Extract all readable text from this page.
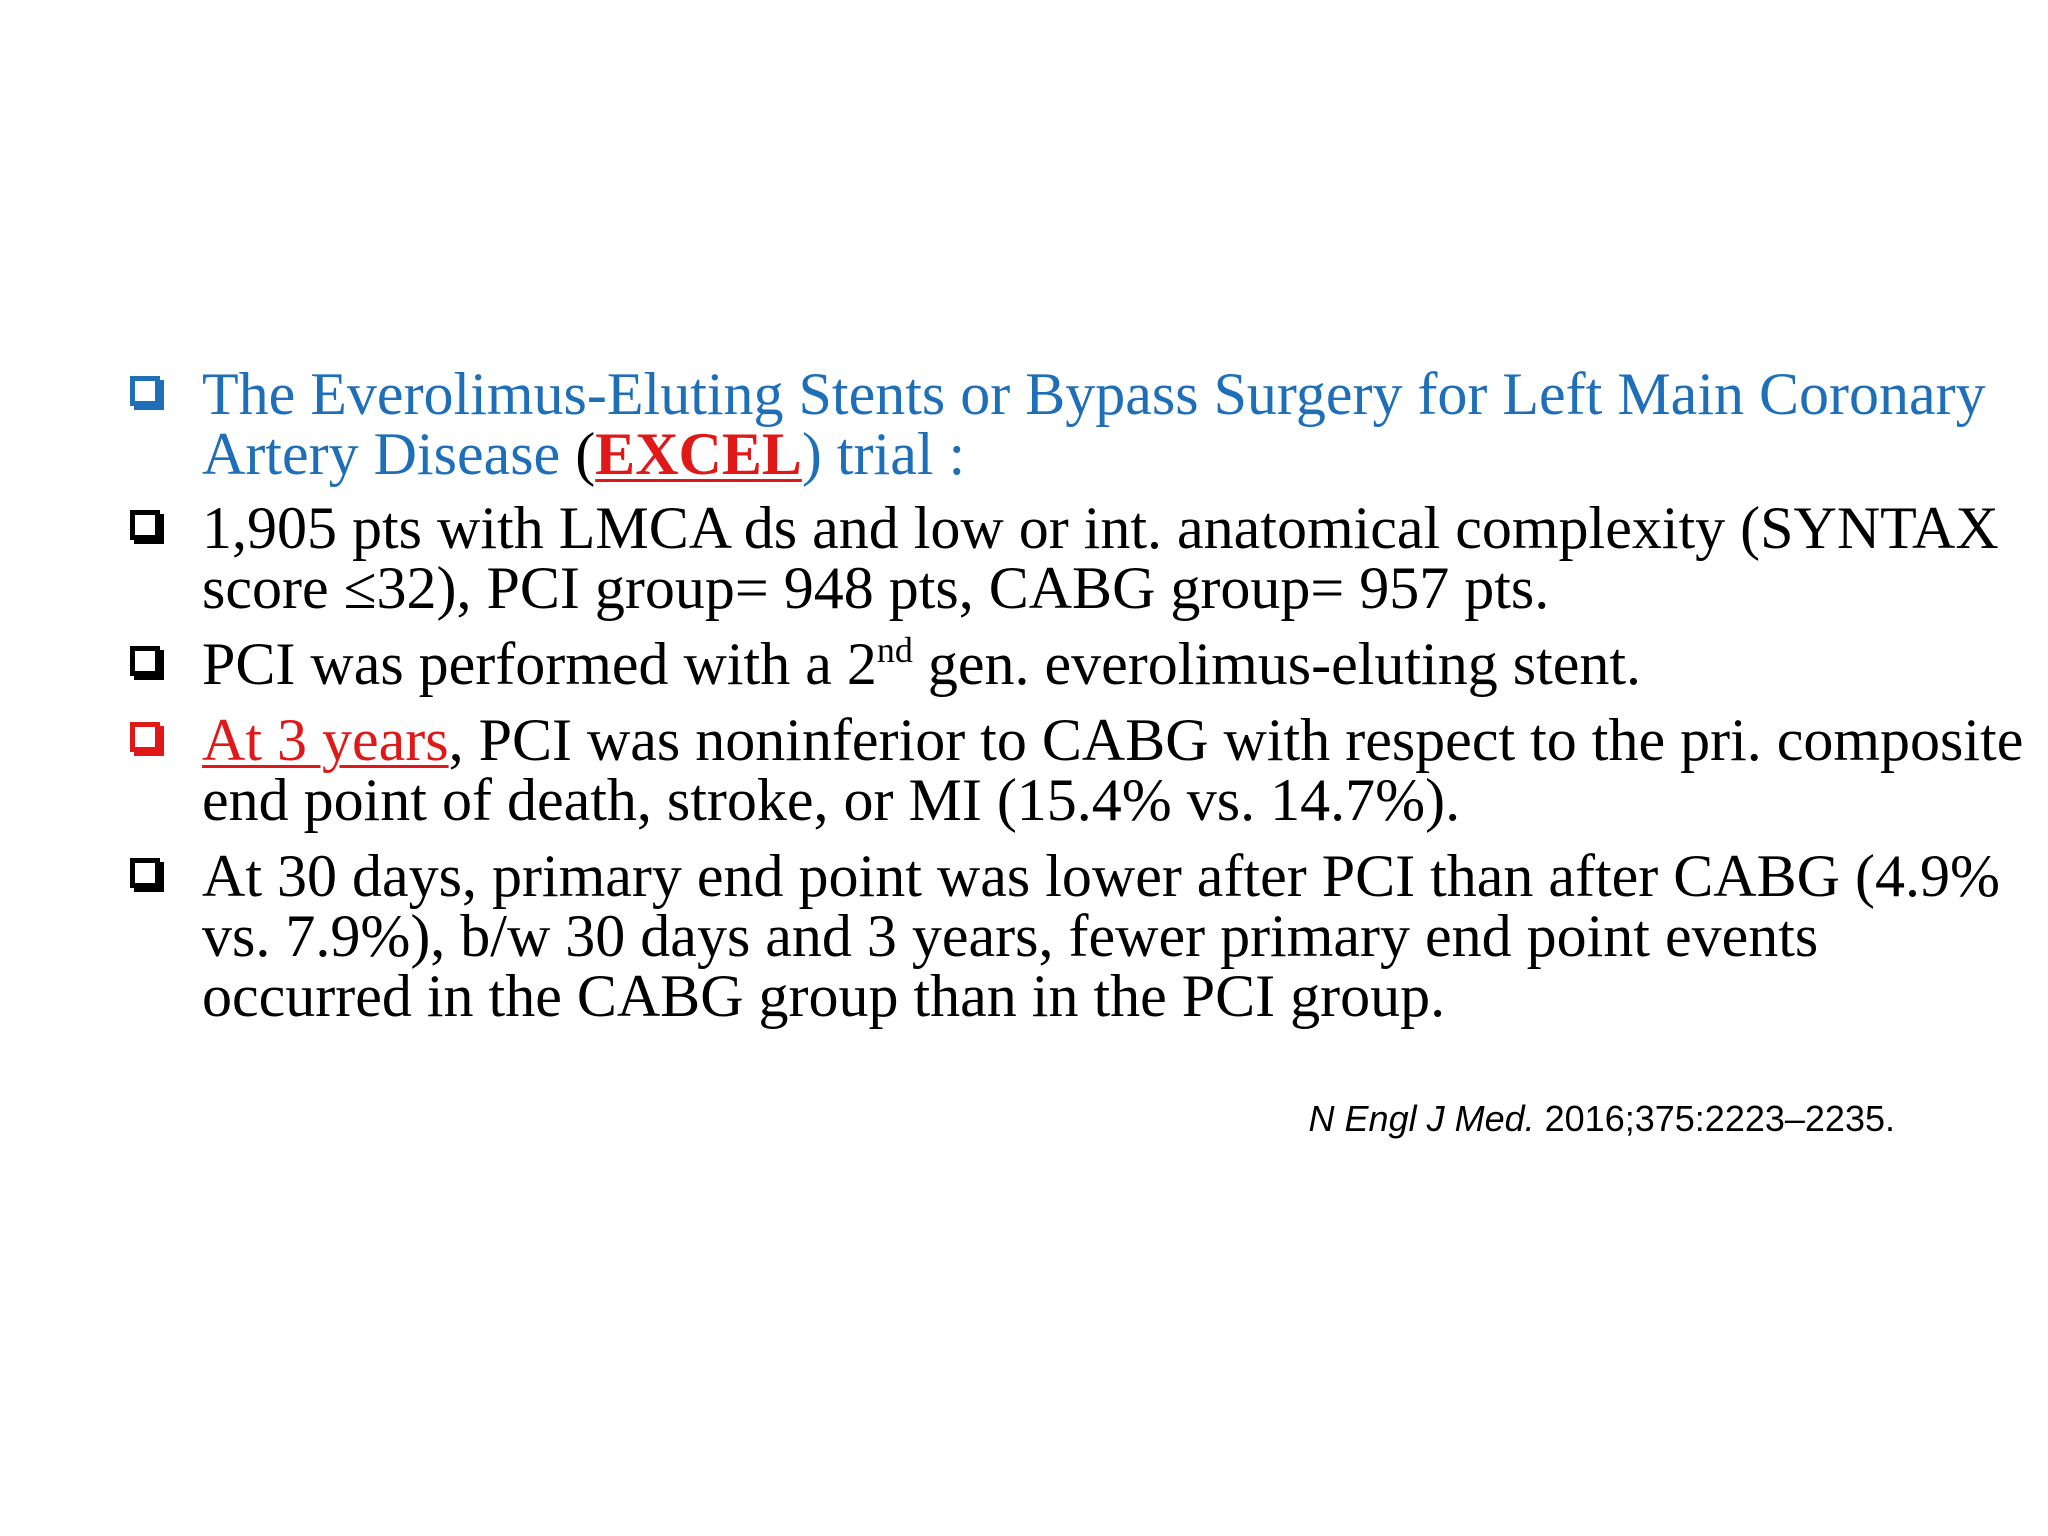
The Everolimus-Eluting Stents or Bypass Surgery for Left Main Coronary Artery Disease (EXCEL) trial :
1,905 pts with LMCA ds and low or int. anatomical complexity (SYNTAX score ≤32), PCI group= 948 pts, CABG group= 957 pts.
PCI was performed with a 2nd gen. everolimus-eluting stent.
At 3 years, PCI was noninferior to CABG with respect to the pri. composite end point of death, stroke, or MI (15.4% vs. 14.7%).
At 30 days, primary end point was lower after PCI than after CABG (4.9% vs. 7.9%), b/w 30 days and 3 years, fewer primary end point events occurred in the CABG group than in the PCI group.
N Engl J Med. 2016;375:2223–2235.
